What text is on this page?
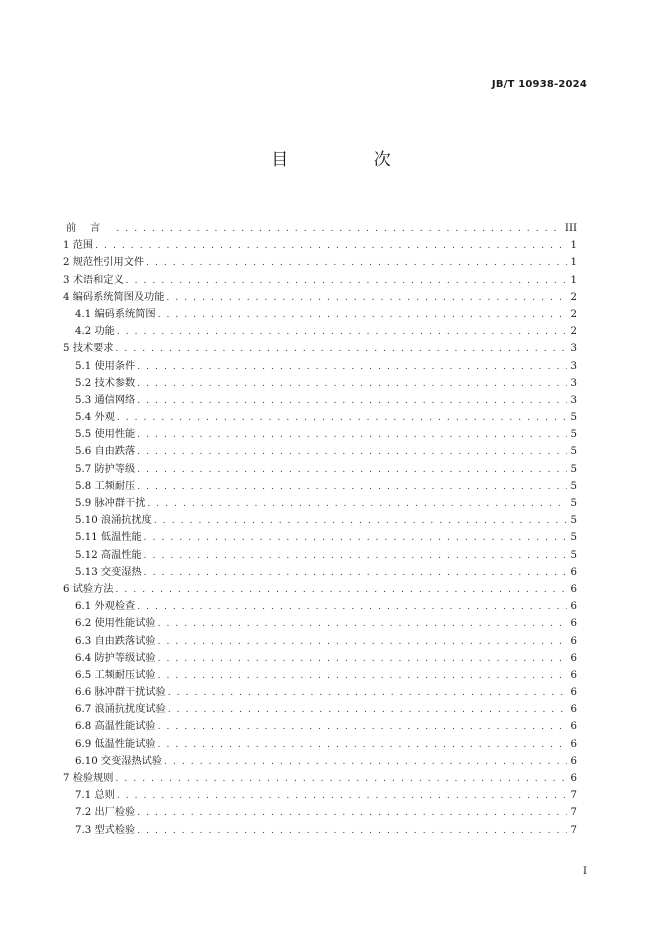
JB/T 10938-2024
目 次
前言 . . .	III
1 范围 . . .	1
2 规范性引用文件 . . .	1
3 术语和定义 . . .	1
4 编码系统简图及功能 . . .	2
4.1 编码系统简图 . . .	2
4.2 功能 . . .	2
5 技术要求 . . .	3
5.1 使用条件 . . .	3
5.2 技术参数 . . .	3
5.3 通信网络 . . .	3
5.4 外观 . . .	5
5.5 使用性能 . . .	5
5.6 自由跌落 . . .	5
5.7 防护等级 . . .	5
5.8 工频耐压 . . .	5
5.9 脉冲群干扰 . . .	5
5.10 浪涌抗扰度 . . .	5
5.11 低温性能 . . .	5
5.12 高温性能 . . .	5
5.13 交变湿热 . . .	6
6 试验方法 . . .	6
6.1 外观检查 . . .	6
6.2 使用性能试验 . . .	6
6.3 自由跌落试验 . . .	6
6.4 防护等级试验 . . .	6
6.5 工频耐压试验 . . .	6
6.6 脉冲群干扰试验 . . .	6
6.7 浪涌抗扰度试验 . . .	6
6.8 高温性能试验 . . .	6
6.9 低温性能试验 . . .	6
6.10 交变湿热试验 . . .	6
7 检验规则 . . .	6
7.1 总则 . . .	7
7.2 出厂检验 . . .	7
7.3 型式检验 . . .	7
I
